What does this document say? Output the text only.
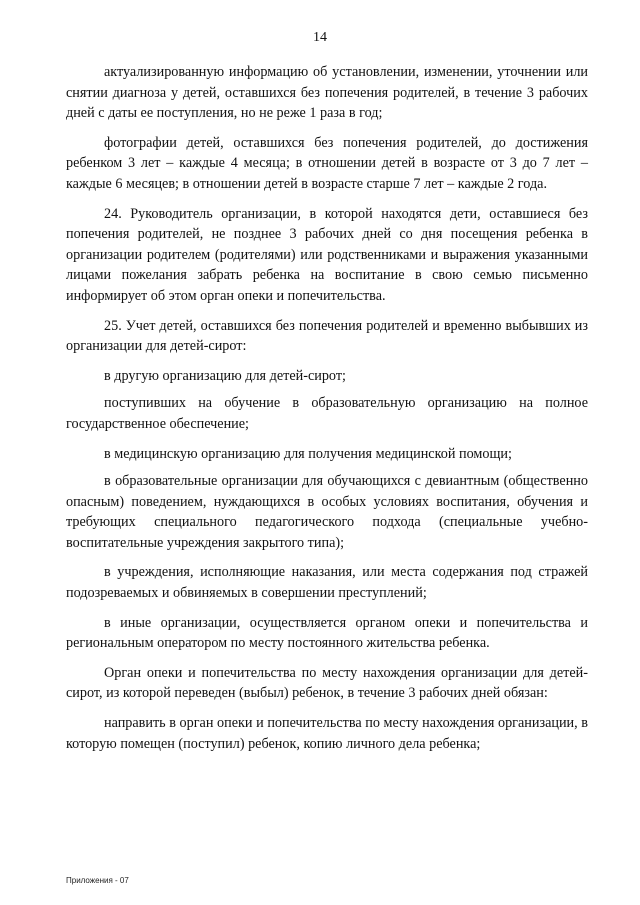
14

актуализированную информацию об установлении, изменении, уточнении или снятии диагноза у детей, оставшихся без попечения родителей, в течение 3 рабочих дней с даты ее поступления, но не реже 1 раза в год;

фотографии детей, оставшихся без попечения родителей, до достижения ребенком 3 лет – каждые 4 месяца; в отношении детей в возрасте от 3 до 7 лет – каждые 6 месяцев; в отношении детей в возрасте старше 7 лет – каждые 2 года.

24. Руководитель организации, в которой находятся дети, оставшиеся без попечения родителей, не позднее 3 рабочих дней со дня посещения ребенка в организации родителем (родителями) или родственниками и выражения указанными лицами пожелания забрать ребенка на воспитание в свою семью письменно информирует об этом орган опеки и попечительства.

25. Учет детей, оставшихся без попечения родителей и временно выбывших из организации для детей-сирот:

в другую организацию для детей-сирот;

поступивших на обучение в образовательную организацию на полное государственное обеспечение;

в медицинскую организацию для получения медицинской помощи;

в образовательные организации для обучающихся с девиантным (общественно опасным) поведением, нуждающихся в особых условиях воспитания, обучения и требующих специального педагогического подхода (специальные учебно-воспитательные учреждения закрытого типа);

в учреждения, исполняющие наказания, или места содержания под стражей подозреваемых и обвиняемых в совершении преступлений;

в иные организации, осуществляется органом опеки и попечительства и региональным оператором по месту постоянного жительства ребенка.

Орган опеки и попечительства по месту нахождения организации для детей-сирот, из которой переведен (выбыл) ребенок, в течение 3 рабочих дней обязан:

направить в орган опеки и попечительства по месту нахождения организации, в которую помещен (поступил) ребенок, копию личного дела ребенка;

Приложения - 07
